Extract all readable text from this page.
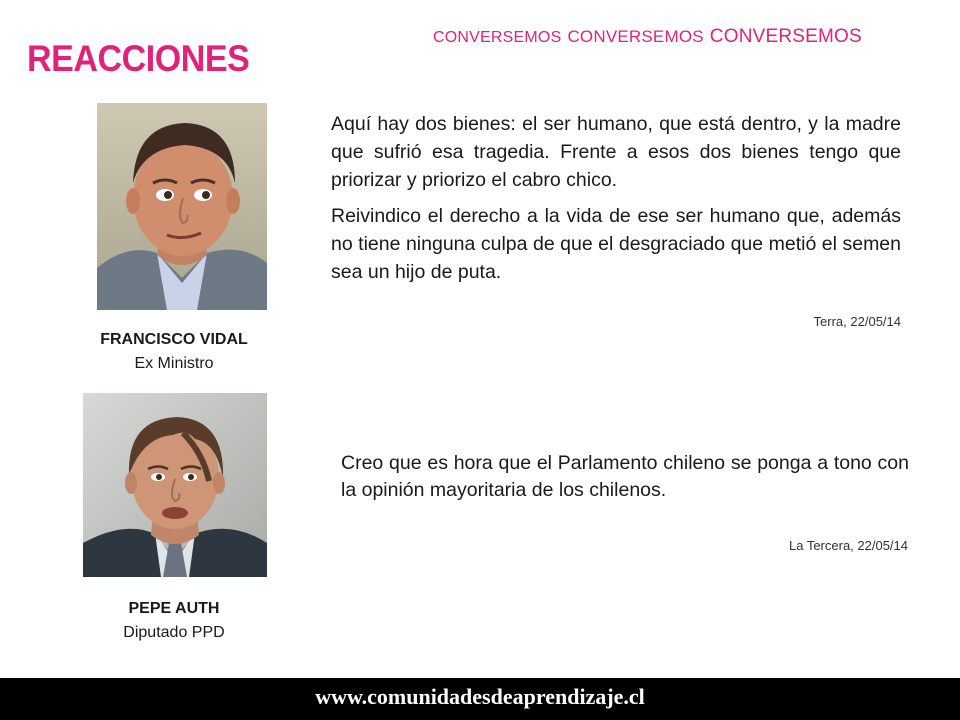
CONVERSEMOS CONVERSEMOS CONVERSEMOS
REACCIONES

Aquí hay dos bienes: el ser humano, que está dentro, y la madre que sufrió esa tragedia. Frente a esos dos bienes tengo que priorizar y priorizo el cabro chico.

Reivindico el derecho a la vida de ese ser humano que, además no tiene ninguna culpa de que el desgraciado que metió el semen sea un hijo de puta.

Terra, 22/05/14
FRANCISCO VIDAL
Ex Ministro

Creo que es hora que el Parlamento chileno se ponga a tono con la opinión mayoritaria de los chilenos.

La Tercera, 22/05/14
PEPE AUTH
Diputado PPD
www.comunidadesdeaprendizaje.cl
